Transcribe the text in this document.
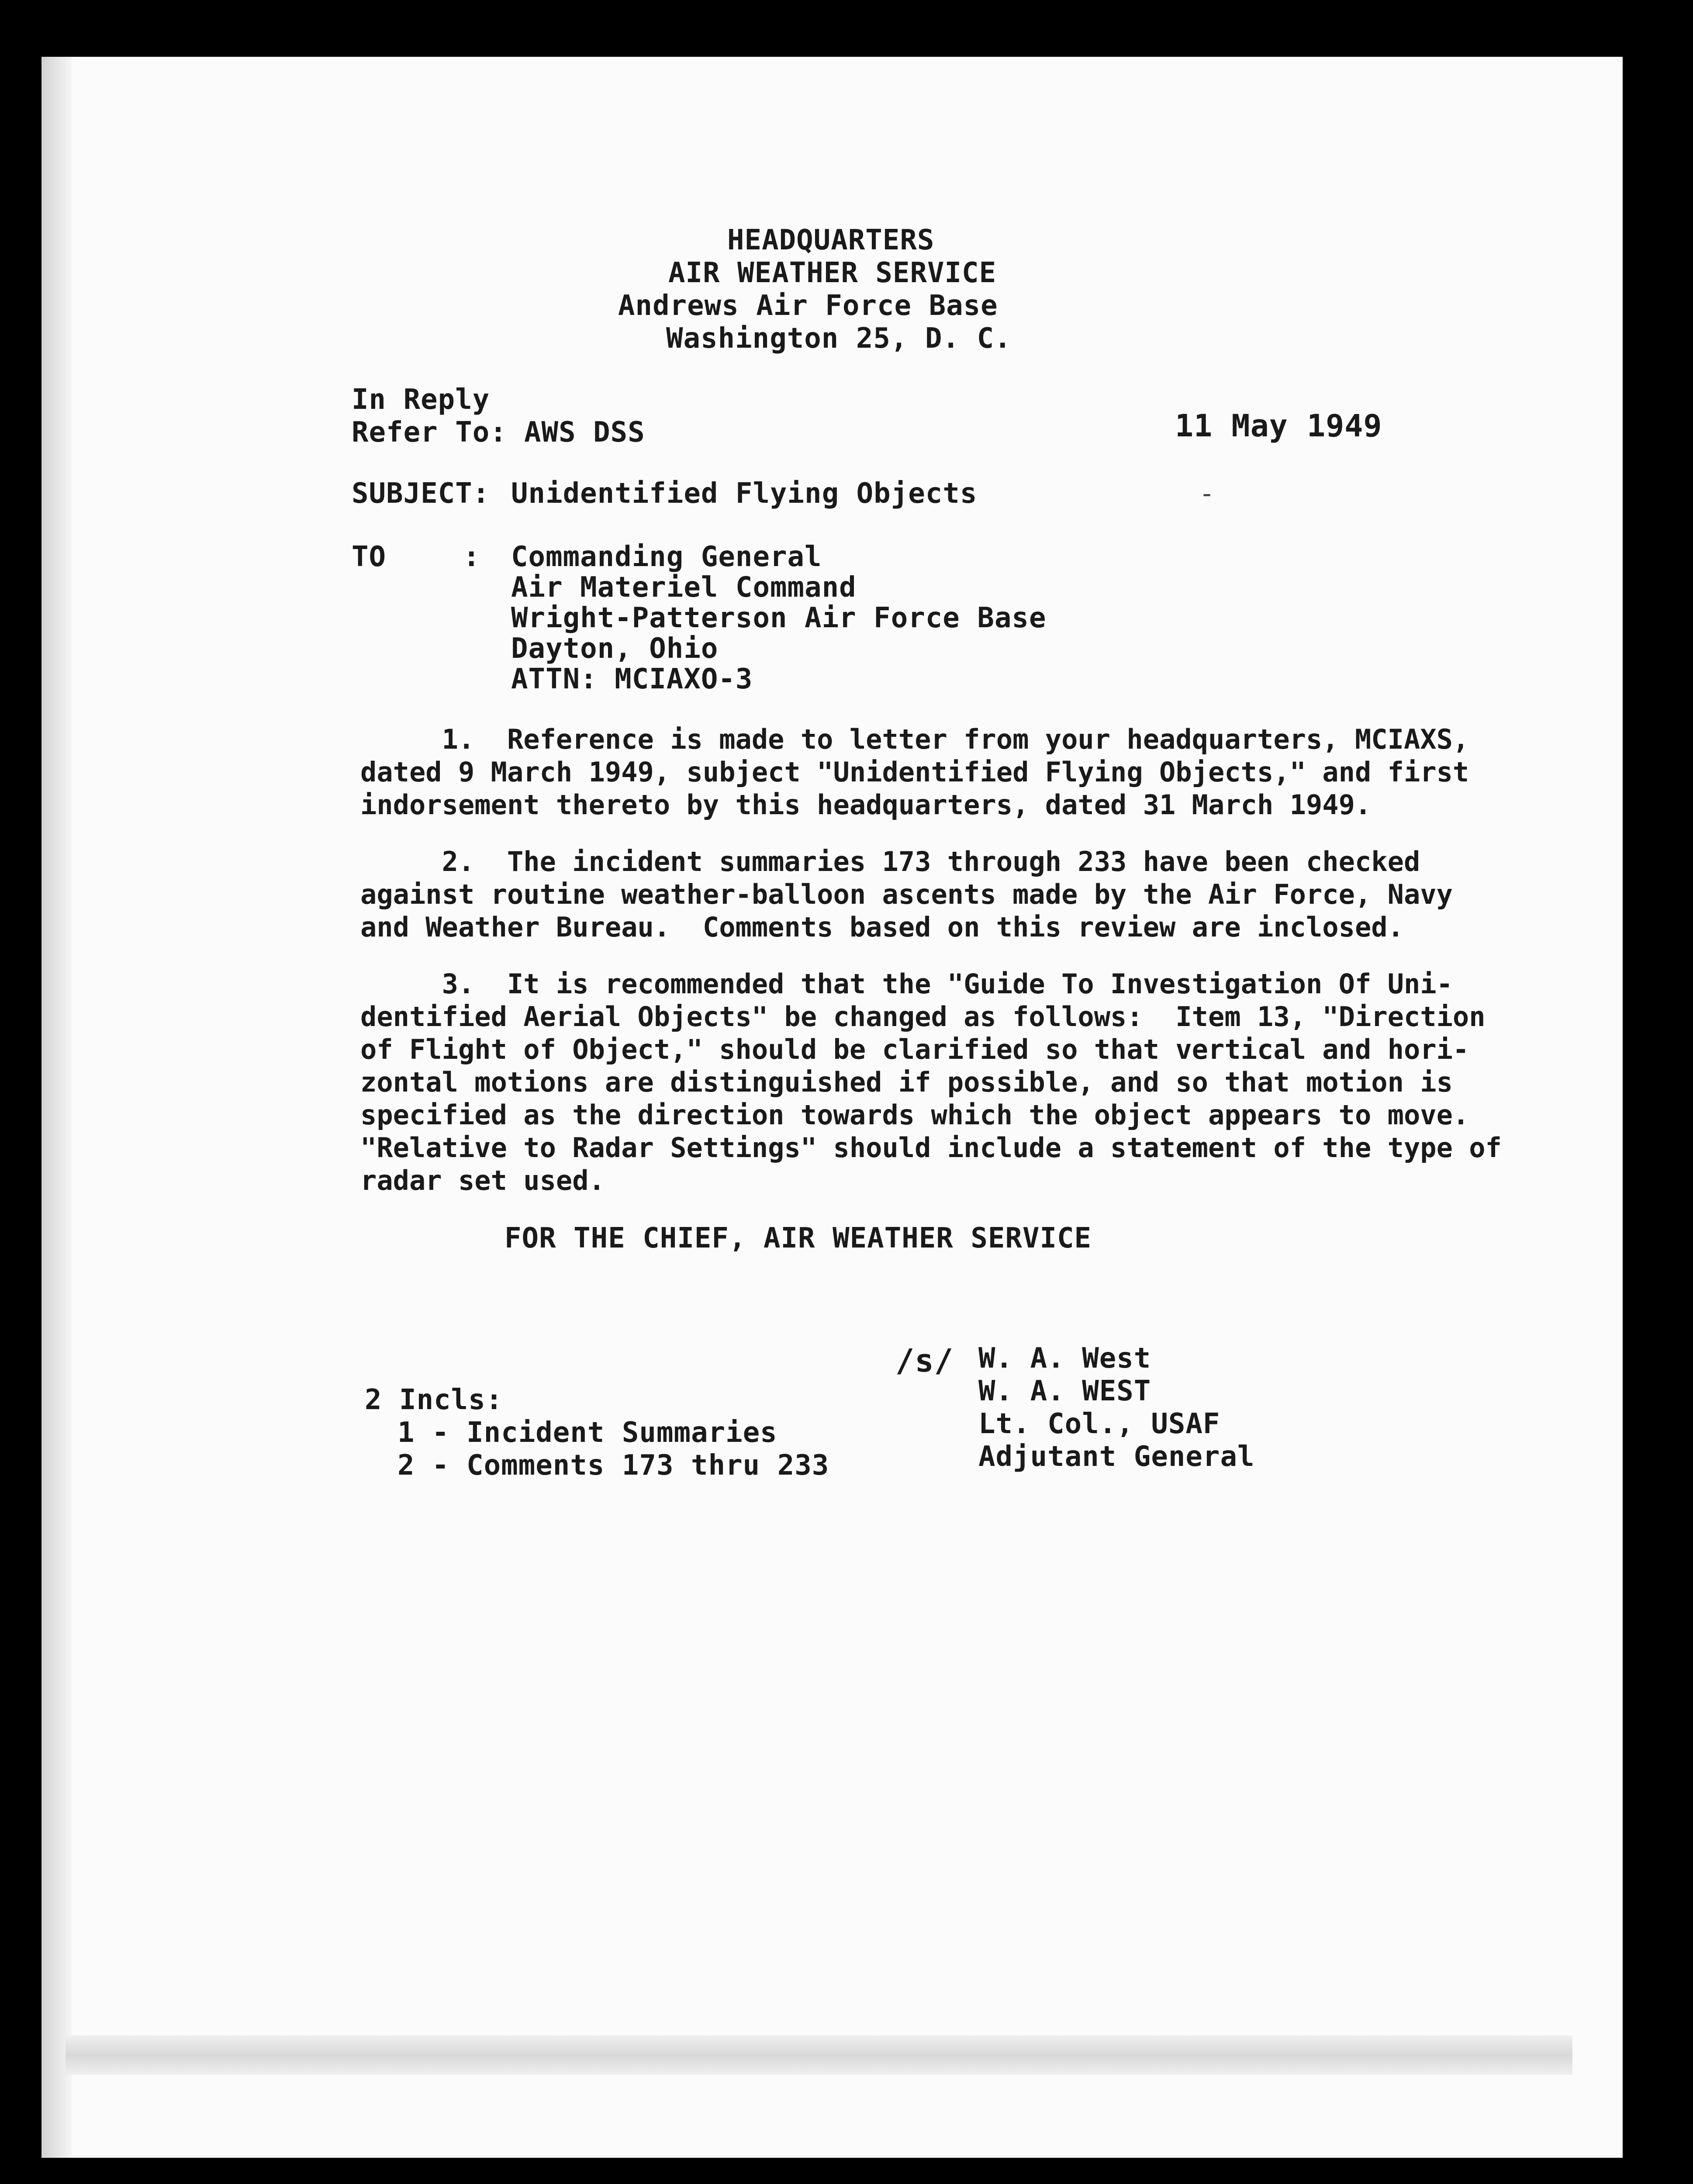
HEADQUARTERS
AIR WEATHER SERVICE
Andrews Air Force Base
Washington 25, D. C.
In Reply
Refer To: AWS DSS	11 May 1949
SUBJECT: Unidentified Flying Objects	-
TO	: Commanding General
Air Materiel Command
Wright-Patterson Air Force Base
Dayton, Ohio
ATTN: MCIAXO-3
1.  Reference is made to letter from your headquarters, MCIAXS,
dated 9 March 1949, subject "Unidentified Flying Objects," and first
indorsement thereto by this headquarters, dated 31 March 1949.
2.  The incident summaries 173 through 233 have been checked
against routine weather-balloon ascents made by the Air Force, Navy
and Weather Bureau.  Comments based on this review are inclosed.
3.  It is recommended that the "Guide To Investigation Of Uni-
dentified Aerial Objects" be changed as follows:  Item 13, "Direction
of Flight of Object," should be clarified so that vertical and hori-
zontal motions are distinguished if possible, and so that motion is
specified as the direction towards which the object appears to move.
"Relative to Radar Settings" should include a statement of the type of
radar set used.
FOR THE CHIEF, AIR WEATHER SERVICE
/s/ W. A. West
W. A. WEST
Lt. Col., USAF
Adjutant General
2 Incls:
1 - Incident Summaries
2 - Comments 173 thru 233
